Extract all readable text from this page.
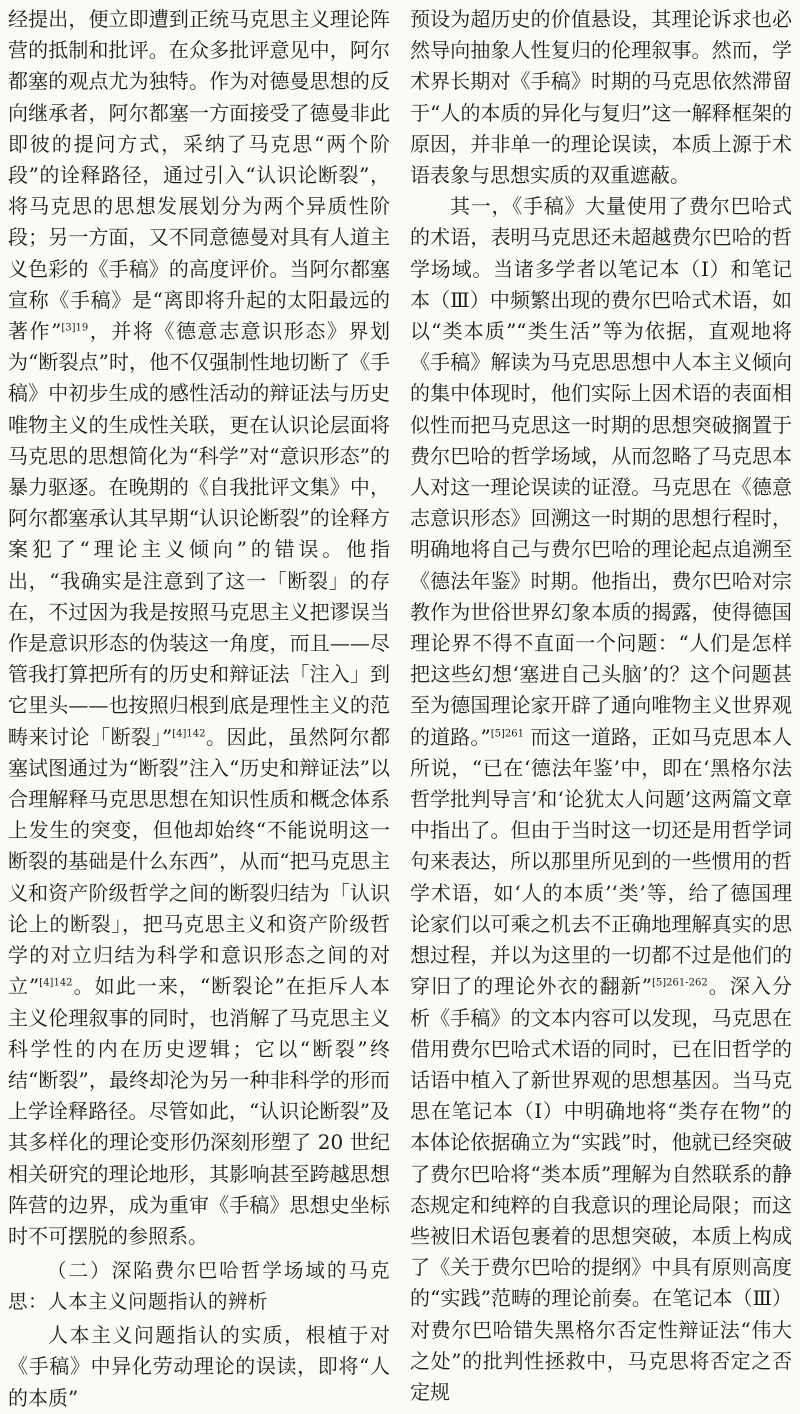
经提出，便立即遭到正统马克思主义理论阵营的抵制和批评。在众多批评意见中，阿尔都塞的观点尤为独特。作为对德曼思想的反向继承者，阿尔都塞一方面接受了德曼非此即彼的提问方式，采纳了马克思“两个阶段”的诠释路径，通过引入“认识论断裂”，将马克思的思想发展划分为两个异质性阶段；另一方面，又不同意德曼对具有人道主义色彩的《手稿》的高度评价。当阿尔都塞宣称《手稿》是“离即将升起的太阳最远的著作”$^{[3]19}$，并将《德意志意识形态》界划为“断裂点”时，他不仅强制性地切断了《手稿》中初步生成的感性活动的辩证法与历史唯物主义的生成性关联，更在认识论层面将马克思的思想简化为“科学”对“意识形态”的暴力驱逐。在晚期的《自我批评文集》中，阿尔都塞承认其早期“认识论断裂”的诠释方案犯了“理论主义倾向”的错误。他指出，“我确实是注意到了这一「断裂」的存在，不过因为我是按照马克思主义把谬误当作是意识形态的伪装这一角度，而且——尽管我打算把所有的历史和辩证法「注入」到它里头——也按照归根到底是理性主义的范畴来讨论「断裂」”$^{[4]142}$。因此，虽然阿尔都塞试图通过为“断裂”注入“历史和辩证法”以合理解释马克思思想在知识性质和概念体系上发生的突变，但他却始终“不能说明这一断裂的基础是什么东西”，从而“把马克思主义和资产阶级哲学之间的断裂归结为「认识论上的断裂」，把马克思主义和资产阶级哲学的对立归结为科学和意识形态之间的对立”$^{[4]142}$。如此一来，“断裂论”在拒斥人本主义伦理叙事的同时，也消解了马克思主义科学性的内在历史逻辑；它以“断裂”终结“断裂”，最终却沦为另一种非科学的形而上学诠释路径。尽管如此，“认识论断裂”及其多样化的理论变形仍深刻形塑了 20 世纪相关研究的理论地形，其影响甚至跨越思想阵营的边界，成为重审《手稿》思想史坐标时不可摆脱的参照系。

（二）深陷费尔巴哈哲学场域的马克思：人本主义问题指认的辨析

人本主义问题指认的实质，根植于对《手稿》中异化劳动理论的误读，即将“人的本质”

预设为超历史的价值悬设，其理论诉求也必然导向抽象人性复归的伦理叙事。然而，学术界长期对《手稿》时期的马克思依然滞留于“人的本质的异化与复归”这一解释框架的原因，并非单一的理论误读，本质上源于术语表象与思想实质的双重遮蔽。

其一，《手稿》大量使用了费尔巴哈式的术语，表明马克思还未超越费尔巴哈的哲学场域。当诸多学者以笔记本（Ⅰ）和笔记本（Ⅲ）中频繁出现的费尔巴哈式术语，如以“类本质”“类生活”等为依据，直观地将《手稿》解读为马克思思想中人本主义倾向的集中体现时，他们实际上因术语的表面相似性而把马克思这一时期的思想突破搁置于费尔巴哈的哲学场域，从而忽略了马克思本人对这一理论误读的证澄。马克思在《德意志意识形态》回溯这一时期的思想行程时，明确地将自己与费尔巴哈的理论起点追溯至《德法年鉴》时期。他指出，费尔巴哈对宗教作为世俗世界幻象本质的揭露，使得德国理论界不得不直面一个问题：“人们是怎样把这些幻想‘塞进自己头脑’的？这个问题甚至为德国理论家开辟了通向唯物主义世界观的道路。”$^{[5]261}$ 而这一道路，正如马克思本人所说，“已在‘德法年鉴’中，即在‘黑格尔法哲学批判导言’和‘论犹太人问题’这两篇文章中指出了。但由于当时这一切还是用哲学词句来表达，所以那里所见到的一些惯用的哲学术语，如‘人的本质’‘类’等，给了德国理论家们以可乘之机去不正确地理解真实的思想过程，并以为这里的一切都不过是他们的穿旧了的理论外衣的翻新”$^{[5]261-262}$。深入分析《手稿》的文本内容可以发现，马克思在借用费尔巴哈式术语的同时，已在旧哲学的话语中植入了新世界观的思想基因。当马克思在笔记本（Ⅰ）中明确地将“类存在物”的本体论依据确立为“实践”时，他就已经突破了费尔巴哈将“类本质”理解为自然联系的静态规定和纯粹的自我意识的理论局限；而这些被旧术语包裹着的思想突破，本质上构成了《关于费尔巴哈的提纲》中具有原则高度的“实践”范畴的理论前奏。在笔记本（Ⅲ）对费尔巴哈错失黑格尔否定性辩证法“伟大之处”的批判性拯救中，马克思将否定之否定规
